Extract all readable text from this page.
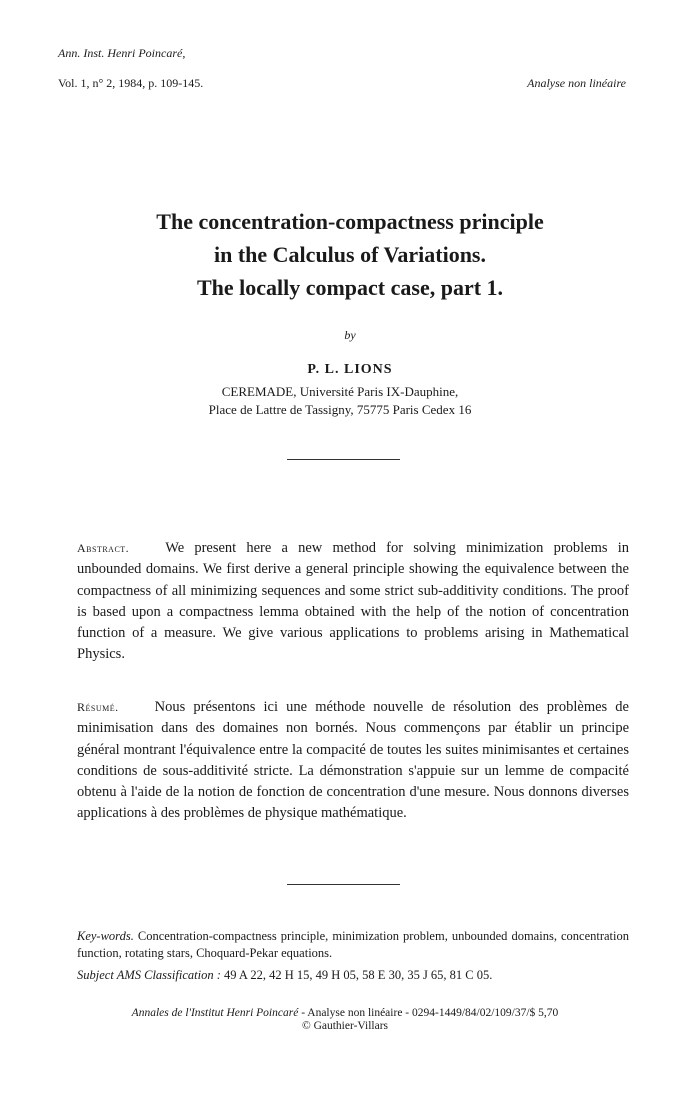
Ann. Inst. Henri Poincaré,
Vol. 1, n° 2, 1984, p. 109-145.	Analyse non linéaire
The concentration-compactness principle
in the Calculus of Variations.
The locally compact case, part 1.
by
P. L. LIONS
CEREMADE, Université Paris IX-Dauphine,
Place de Lattre de Tassigny, 75775 Paris Cedex 16
Abstract. We present here a new method for solving minimization problems in unbounded domains. We first derive a general principle showing the equivalence between the compactness of all minimizing sequences and some strict sub-additivity conditions. The proof is based upon a compactness lemma obtained with the help of the notion of concentration function of a measure. We give various applications to problems arising in Mathematical Physics.
Résumé. Nous présentons ici une méthode nouvelle de résolution des problèmes de minimisation dans des domaines non bornés. Nous commençons par établir un principe général montrant l'équivalence entre la compacité de toutes les suites minimisantes et certaines conditions de sous-additivité stricte. La démonstration s'appuie sur un lemme de compacité obtenu à l'aide de la notion de fonction de concentration d'une mesure. Nous donnons diverses applications à des problèmes de physique mathématique.
Key-words. Concentration-compactness principle, minimization problem, unbounded domains, concentration function, rotating stars, Choquard-Pekar equations.
Subject AMS Classification : 49 A 22, 42 H 15, 49 H 05, 58 E 30, 35 J 65, 81 C 05.
Annales de l'Institut Henri Poincaré - Analyse non linéaire - 0294-1449/84/02/109/37/$ 5,70
© Gauthier-Villars
